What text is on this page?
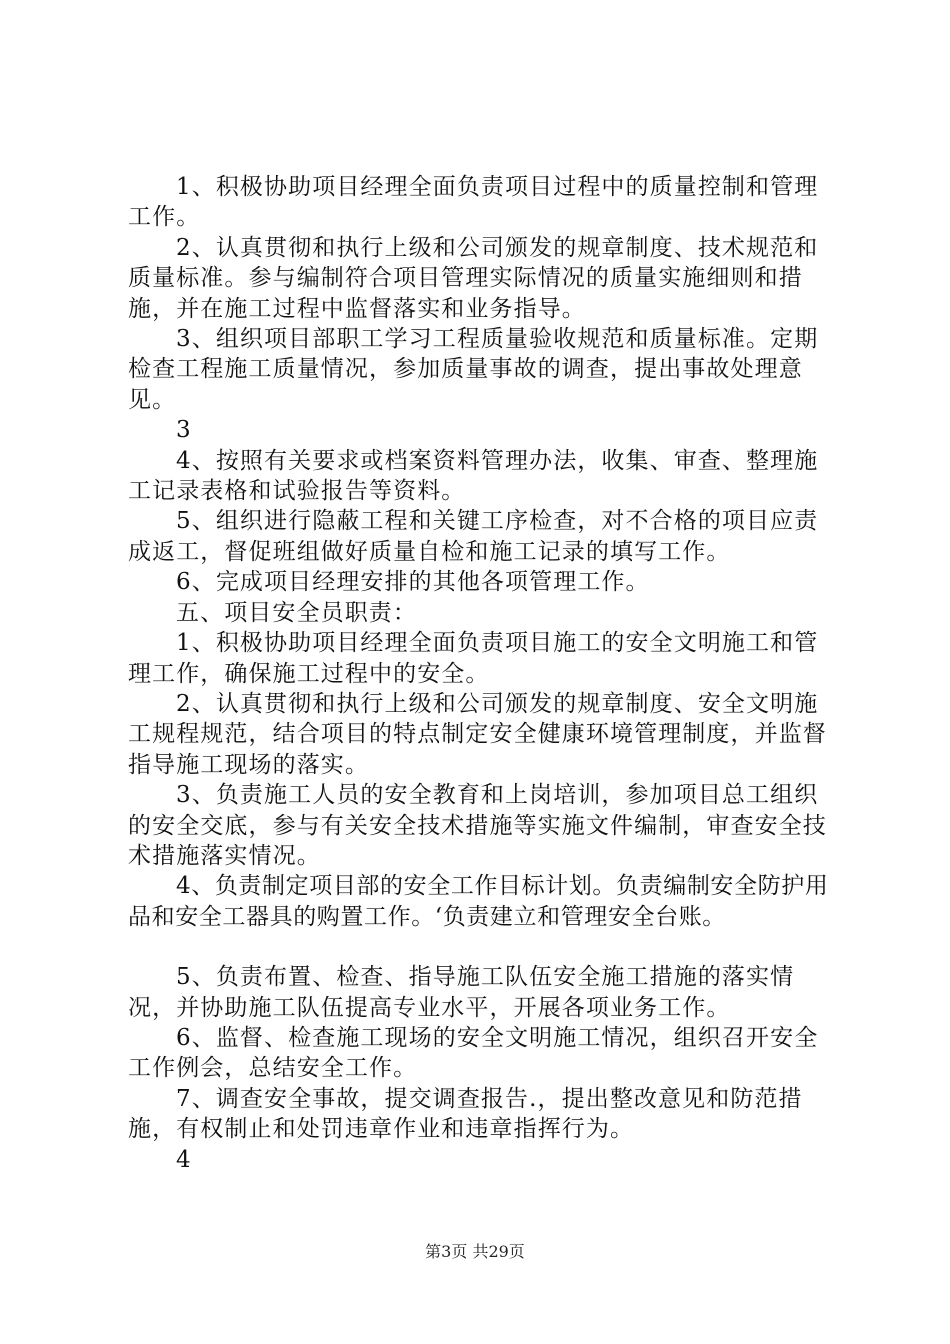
1、积极协助项目经理全面负责项目过程中的质量控制和管理工作。

2、认真贯彻和执行上级和公司颁发的规章制度、技术规范和质量标准。参与编制符合项目管理实际情况的质量实施细则和措施，并在施工过程中监督落实和业务指导。

3、组织项目部职工学习工程质量验收规范和质量标准。定期检查工程施工质量情况，参加质量事故的调查，提出事故处理意见。

3

4、按照有关要求或档案资料管理办法，收集、审查、整理施工记录表格和试验报告等资料。

5、组织进行隐蔽工程和关键工序检查，对不合格的项目应责成返工，督促班组做好质量自检和施工记录的填写工作。

6、完成项目经理安排的其他各项管理工作。

五、项目安全员职责：

1、积极协助项目经理全面负责项目施工的安全文明施工和管理工作，确保施工过程中的安全。

2、认真贯彻和执行上级和公司颁发的规章制度、安全文明施工规程规范，结合项目的特点制定安全健康环境管理制度，并监督指导施工现场的落实。

3、负责施工人员的安全教育和上岗培训，参加项目总工组织的安全交底，参与有关安全技术措施等实施文件编制，审查安全技术措施落实情况。

4、负责制定项目部的安全工作目标计划。负责编制安全防护用品和安全工器具的购置工作。‘负责建立和管理安全台账。

5、负责布置、检查、指导施工队伍安全施工措施的落实情况，并协助施工队伍提高专业水平，开展各项业务工作。

6、监督、检查施工现场的安全文明施工情况，组织召开安全工作例会，总结安全工作。

7、调查安全事故，提交调查报告.，提出整改意见和防范措施，有权制止和处罚违章作业和违章指挥行为。

4

第3页 共29页
